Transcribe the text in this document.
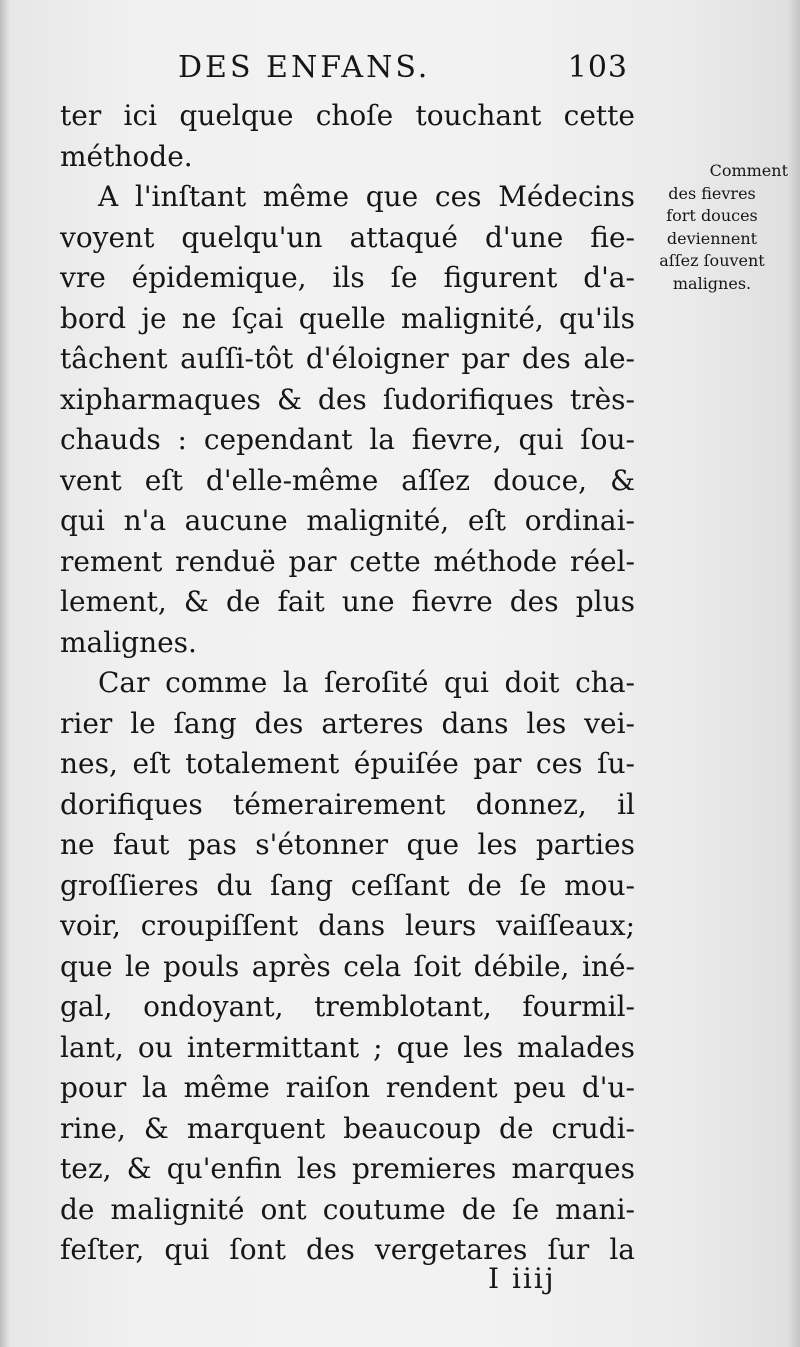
DES ENFANS.	103
ter ici quelque choſe touchant cette
méthode.
A l'inſtant même que ces Médecins
voyent quelqu'un attaqué d'une fie-
vre épidemique, ils ſe figurent d'a-
bord je ne ſçai quelle malignité, qu'ils
tâchent auſſi-tôt d'éloigner par des ale-
xipharmaques & des ſudorifiques très-
chauds : cependant la fievre, qui ſou-
vent eſt d'elle-même aſſez douce, &
qui n'a aucune malignité, eſt ordinai-
rement renduë par cette méthode réel-
lement, & de fait une fievre des plus
malignes.
Car comme la ſeroſité qui doit cha-
rier le ſang des arteres dans les vei-
nes, eſt totalement épuiſée par ces ſu-
dorifiques témerairement donnez, il
ne faut pas s'étonner que les parties
groſſieres du ſang ceſſant de ſe mou-
voir, croupiſſent dans leurs vaiſſeaux;
que le pouls après cela ſoit débile, iné-
gal, ondoyant, tremblotant, fourmil-
lant, ou intermittant ; que les malades
pour la même raiſon rendent peu d'u-
rine, & marquent beaucoup de crudi-
tez, & qu'enfin les premieres marques
de malignité ont coutume de ſe mani-
feſter, qui ſont des vergetares ſur la
Comment
des fievres
fort douces
deviennent
aſſez ſouvent
malignes.
I iiij
